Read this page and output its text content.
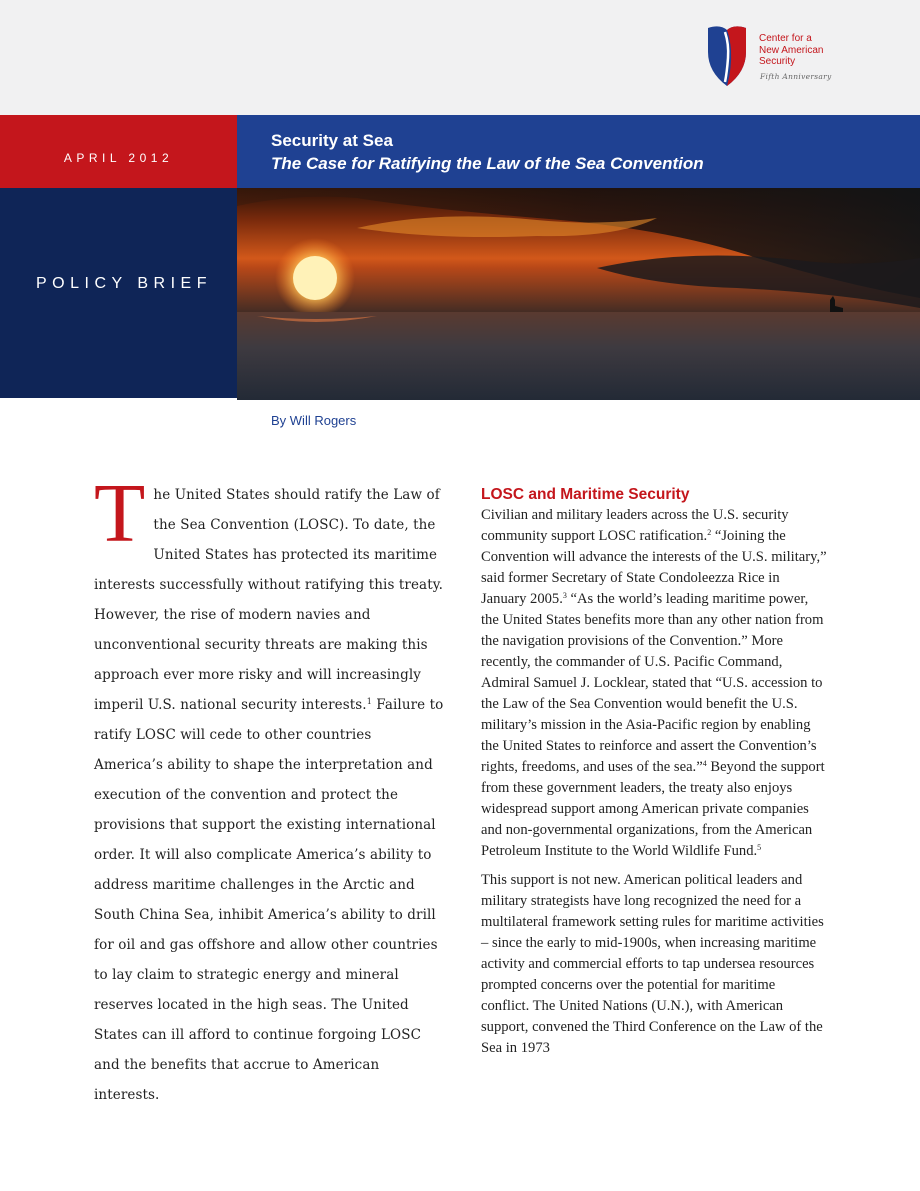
Center for a
New American
Security
Fifth Anniversary
APRIL 2012
POLICY BRIEF
Security at Sea
The Case for Ratifying the Law of the Sea Convention
By Will Rogers
T he United States should ratify the Law of the Sea Convention (LOSC). To date, the United States has protected its maritime interests successfully without ratifying this treaty. However, the rise of modern navies and unconventional security threats are making this approach ever more risky and will increasingly imperil U.S. national security interests.$^1$ Failure to ratify LOSC will cede to other countries America’s ability to shape the interpretation and execution of the convention and protect the provisions that support the existing international order. It will also complicate America’s ability to address maritime challenges in the Arctic and South China Sea, inhibit America’s ability to drill for oil and gas offshore and allow other countries to lay claim to strategic energy and mineral reserves located in the high seas. The United States can ill afford to continue forgoing LOSC and the benefits that accrue to American interests.
LOSC and Maritime Security

Civilian and military leaders across the U.S. security community support LOSC ratification.$^2$ “Joining the Convention will advance the interests of the U.S. military,” said former Secretary of State Condoleezza Rice in January 2005.$^3$ “As the world’s leading maritime power, the United States benefits more than any other nation from the navigation provisions of the Convention.” More recently, the commander of U.S. Pacific Command, Admiral Samuel J. Locklear, stated that “U.S. accession to the Law of the Sea Convention would benefit the U.S. military’s mission in the Asia-Pacific region by enabling the United States to reinforce and assert the Convention’s rights, freedoms, and uses of the sea.”$^4$ Beyond the support from these government leaders, the treaty also enjoys widespread support among American private companies and non-governmental organizations, from the American Petroleum Institute to the World Wildlife Fund.$^5$

This support is not new. American political leaders and military strategists have long recognized the need for a multilateral framework setting rules for maritime activities – since the early to mid-1900s, when increasing maritime activity and commercial efforts to tap undersea resources prompted concerns over the potential for maritime conflict. The United Nations (U.N.), with American support, convened the Third Conference on the Law of the Sea in 1973
